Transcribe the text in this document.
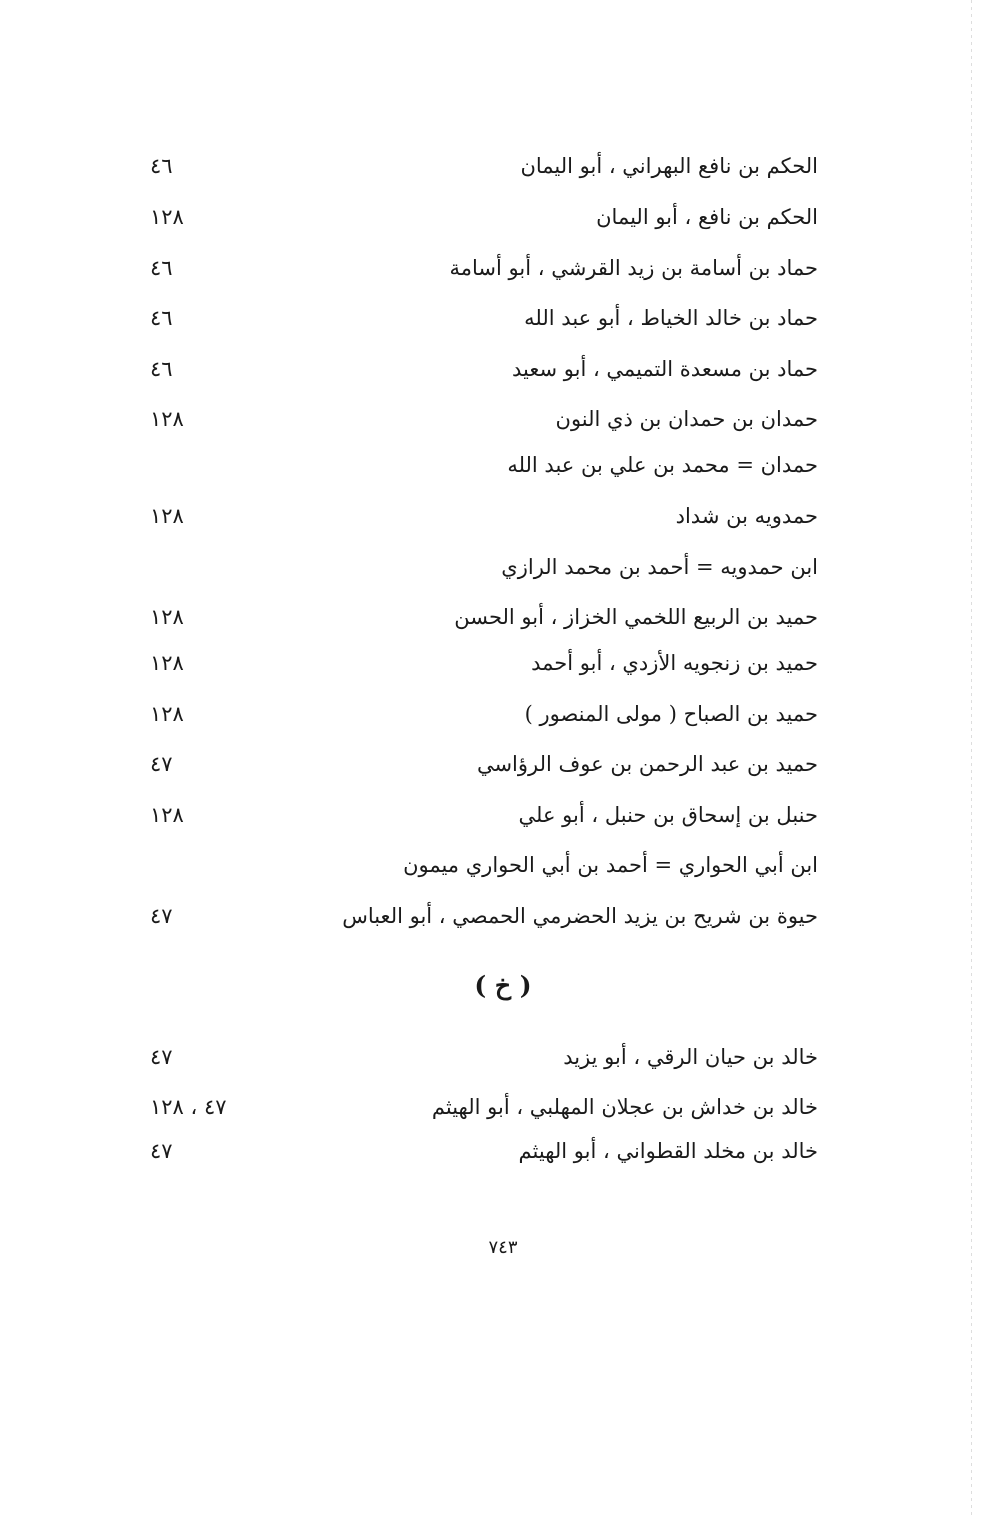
الحكم بن نافع البهراني ، أبو اليمان
٤٦
الحكم بن نافع ، أبو اليمان
١٢٨
حماد بن أسامة بن زيد القرشي ، أبو أسامة
٤٦
حماد بن خالد الخياط ، أبو عبد الله
٤٦
حماد بن مسعدة التميمي ، أبو سعيد
٤٦
حمدان بن حمدان بن ذي النون
١٢٨
حمدان = محمد بن علي بن عبد الله
حمدويه بن شداد
١٢٨
ابن حمدويه = أحمد بن محمد الرازي
حميد بن الربيع اللخمي الخزاز ، أبو الحسن
١٢٨
حميد بن زنجويه الأزدي ، أبو أحمد
١٢٨
حميد بن الصباح ( مولى المنصور )
١٢٨
حميد بن عبد الرحمن بن عوف الرؤاسي
٤٧
حنبل بن إسحاق بن حنبل ، أبو علي
١٢٨
ابن أبي الحواري = أحمد بن أبي الحواري ميمون
حيوة بن شريح بن يزيد الحضرمي الحمصي ، أبو العباس
٤٧
( خ )
خالد بن حيان الرقي ، أبو يزيد
٤٧
خالد بن خداش بن عجلان المهلبي ، أبو الهيثم
٤٧ ، ١٢٨
خالد بن مخلد القطواني ، أبو الهيثم
٤٧
٧٤٣
